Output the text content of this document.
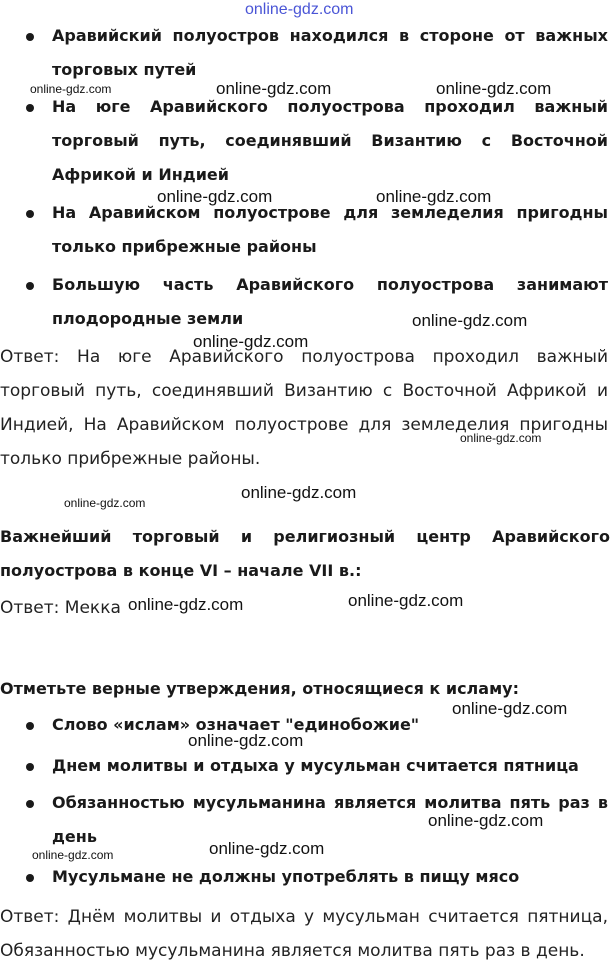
online-gdz.com
Аравийский полуостров находился в стороне от важных торговых путей
На юге Аравийского полуострова проходил важный торговый путь, соединявший Византию с Восточной Африкой и Индией
На Аравийском полуострове для земледелия пригодны только прибрежные районы
Большую часть Аравийского полуострова занимают плодородные земли
Ответ: На юге Аравийского полуострова проходил важный торговый путь, соединявший Византию с Восточной Африкой и Индией, На Аравийском полуострове для земледелия пригодны только прибрежные районы.
Важнейший торговый и религиозный центр Аравийского полуострова в конце VI – начале VII в.:
Ответ: Мекка
Отметьте верные утверждения, относящиеся к исламу:
Слово «ислам» означает "единобожие"
Днем молитвы и отдыха у мусульман считается пятница
Обязанностью мусульманина является молитва пять раз в день
Мусульмане не должны употреблять в пищу мясо
Ответ: Днём молитвы и отдыха у мусульман считается пятница, Обязанностью мусульманина является молитва пять раз в день.
online-gdz.com	online-gdz.com	online-gdz.com
online-gdz.com	online-gdz.com
online-gdz.com
online-gdz.com
online-gdz.com
online-gdz.com
online-gdz.com
online-gdz.com
online-gdz.com
online-gdz.com
online-gdz.com
online-gdz.com
online-gdz.com
online-gdz.com
